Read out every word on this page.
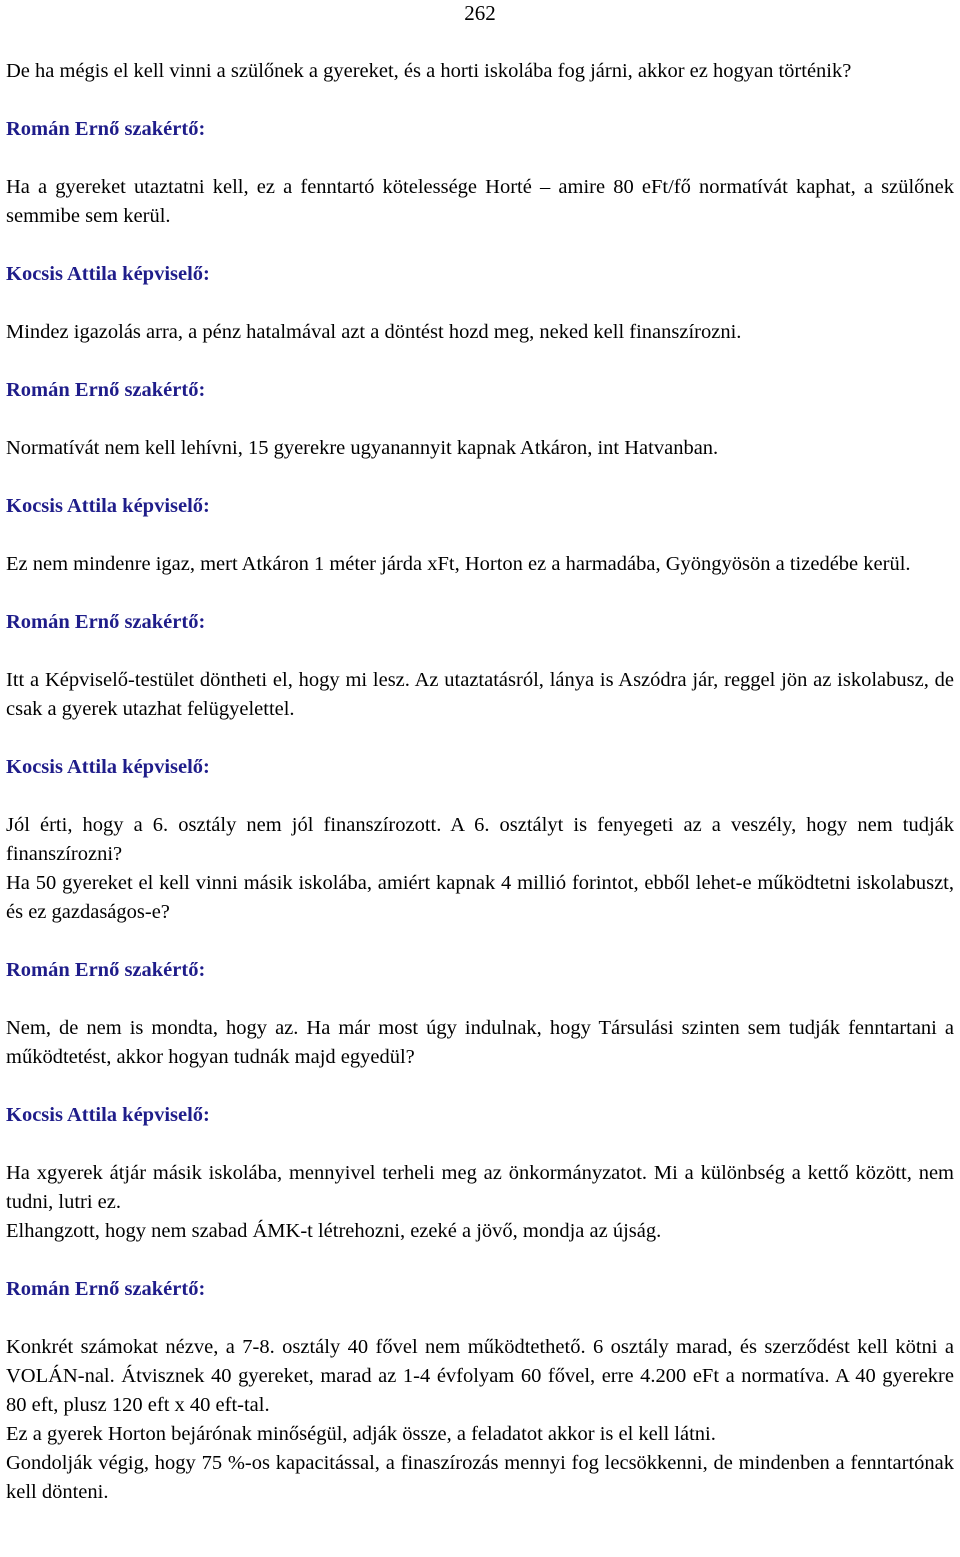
262

De ha mégis el kell vinni a szülőnek a gyereket, és a horti iskolába fog járni, akkor ez hogyan történik?

Román Ernő szakértő:

Ha a gyereket utaztatni kell, ez a fenntartó kötelessége Horté – amire 80 eFt/fő normatívát kaphat, a szülőnek semmibe sem kerül.

Kocsis Attila képviselő:

Mindez igazolás arra, a pénz hatalmával azt a döntést hozd meg, neked kell finanszírozni.

Román Ernő szakértő:

Normatívát nem kell lehívni, 15 gyerekre ugyanannyit kapnak Atkáron, int Hatvanban.

Kocsis Attila képviselő:

Ez nem mindenre igaz, mert Atkáron 1 méter járda xFt, Horton ez a harmadába, Gyöngyösön a tizedébe kerül.

Román Ernő szakértő:

Itt a Képviselő-testület döntheti el, hogy mi lesz. Az utaztatásról, lánya is Aszódra jár, reggel jön az iskolabusz, de csak a gyerek utazhat felügyelettel.

Kocsis Attila képviselő:

Jól érti, hogy a 6. osztály nem jól finanszírozott. A 6. osztályt is fenyegeti az a veszély, hogy nem tudják finanszírozni?

Ha 50 gyereket el kell vinni másik iskolába, amiért kapnak 4 millió forintot, ebből lehet-e működtetni iskolabuszt, és ez gazdaságos-e?

Román Ernő szakértő:

Nem, de nem is mondta, hogy az. Ha már most úgy indulnak, hogy Társulási szinten sem tudják fenntartani a működtetést, akkor hogyan tudnák majd egyedül?

Kocsis Attila képviselő:

Ha xgyerek átjár másik iskolába, mennyivel terheli meg az önkormányzatot. Mi a különbség a kettő között, nem tudni, lutri ez.

Elhangzott, hogy nem szabad ÁMK-t létrehozni, ezeké a jövő, mondja az újság.

Román Ernő szakértő:

Konkrét számokat nézve, a 7-8. osztály 40 fővel nem működtethető. 6 osztály marad, és szerződést kell kötni a VOLÁN-nal. Átvisznek 40 gyereket, marad az 1-4 évfolyam 60 fővel, erre 4.200 eFt a normatíva. A 40 gyerekre 80 eft, plusz 120 eft x 40 eft-tal.

Ez a gyerek Horton bejárónak minőségül, adják össze, a feladatot akkor is el kell látni.

Gondolják végig, hogy 75 %-os kapacitással, a finaszírozás mennyi fog lecsökkenni, de mindenben a fenntartónak kell dönteni.
